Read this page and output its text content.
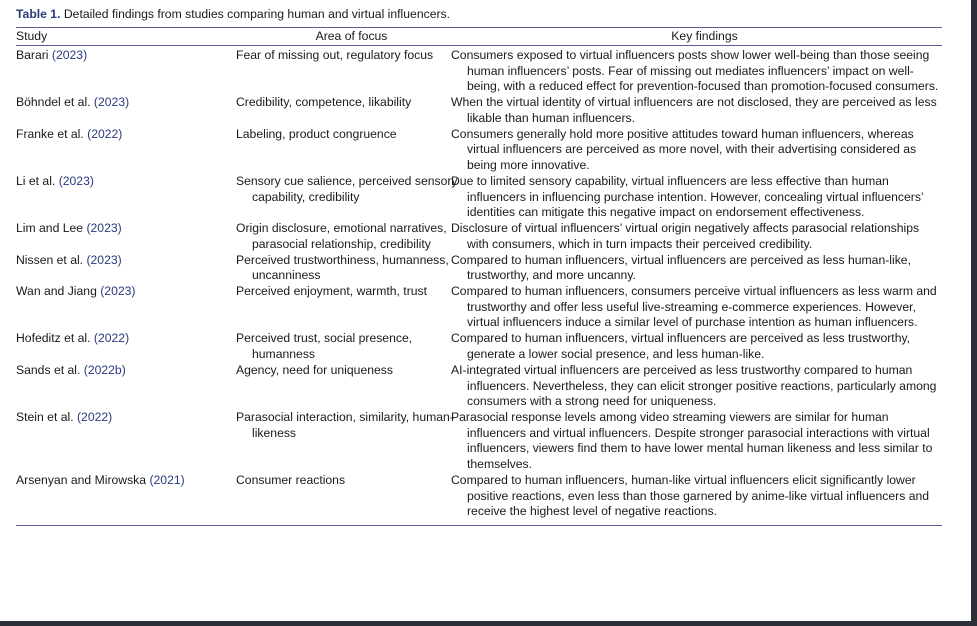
Table 1. Detailed findings from studies comparing human and virtual influencers.
Study	Area of focus	Key findings

Barari (2023)	Fear of missing out, regulatory focus	Consumers exposed to virtual influencers posts show lower well-being than those seeing human influencers’ posts. Fear of missing out mediates influencers’ impact on well-being, with a reduced effect for prevention-focused than promotion-focused consumers.
Böhndel et al. (2023)	Credibility, competence, likability	When the virtual identity of virtual influencers are not disclosed, they are perceived as less likable than human influencers.
Franke et al. (2022)	Labeling, product congruence	Consumers generally hold more positive attitudes toward human influencers, whereas virtual influencers are perceived as more novel, with their advertising considered as being more innovative.
Li et al. (2023)	Sensory cue salience, perceived sensory capability, credibility	Due to limited sensory capability, virtual influencers are less effective than human influencers in influencing purchase intention. However, concealing virtual influencers’ identities can mitigate this negative impact on endorsement effectiveness.
Lim and Lee (2023)	Origin disclosure, emotional narratives, parasocial relationship, credibility	Disclosure of virtual influencers’ virtual origin negatively affects parasocial relationships with consumers, which in turn impacts their perceived credibility.
Nissen et al. (2023)	Perceived trustworthiness, humanness, uncanniness	Compared to human influencers, virtual influencers are perceived as less human-like, trustworthy, and more uncanny.
Wan and Jiang (2023)	Perceived enjoyment, warmth, trust	Compared to human influencers, consumers perceive virtual influencers as less warm and trustworthy and offer less useful live-streaming e-commerce experiences. However, virtual influencers induce a similar level of purchase intention as human influencers.
Hofeditz et al. (2022)	Perceived trust, social presence, humanness	Compared to human influencers, virtual influencers are perceived as less trustworthy, generate a lower social presence, and less human-like.
Sands et al. (2022b)	Agency, need for uniqueness	AI-integrated virtual influencers are perceived as less trustworthy compared to human influencers. Nevertheless, they can elicit stronger positive reactions, particularly among consumers with a strong need for uniqueness.
Stein et al. (2022)	Parasocial interaction, similarity, human-likeness	Parasocial response levels among video streaming viewers are similar for human influencers and virtual influencers. Despite stronger parasocial interactions with virtual influencers, viewers find them to have lower mental human likeness and less similar to themselves.
Arsenyan and Mirowska (2021)	Consumer reactions	Compared to human influencers, human-like virtual influencers elicit significantly lower positive reactions, even less than those garnered by anime-like virtual influencers and receive the highest level of negative reactions.
